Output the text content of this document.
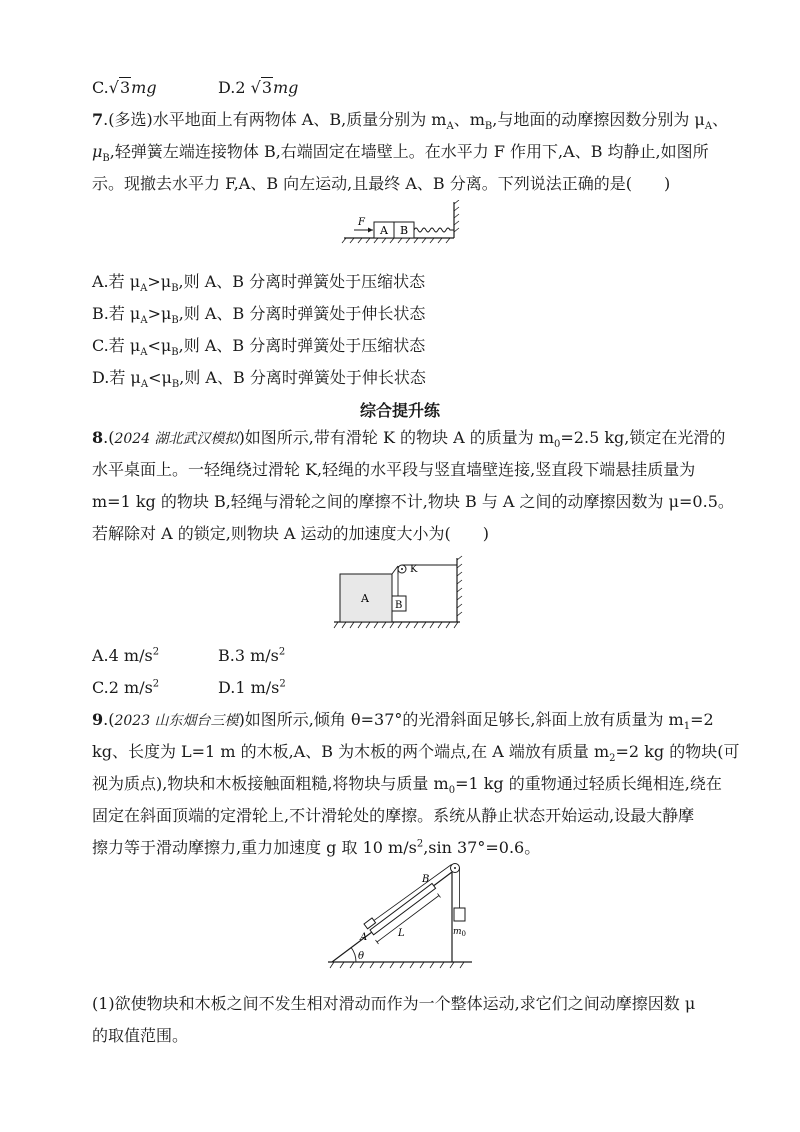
C.√3mg	D.2 √3mg
7.(多选)水平地面上有两物体 A、B,质量分别为 $m_A$、$m_B$,与地面的动摩擦因数分别为 $\mu_A$、
$\mu_B$,轻弹簧左端连接物体 B,右端固定在墙壁上。在水平力 F 作用下,A、B 均静止,如图所
示。现撤去水平力 F,A、B 向左运动,且最终 A、B 分离。下列说法正确的是(　　)
A B
F
A.若 $\mu_A>\mu_B$,则 A、B 分离时弹簧处于压缩状态
B.若 $\mu_A>\mu_B$,则 A、B 分离时弹簧处于伸长状态
C.若 $\mu_A<\mu_B$,则 A、B 分离时弹簧处于压缩状态
D.若 $\mu_A<\mu_B$,则 A、B 分离时弹簧处于伸长状态
综合提升练
8.(2024 湖北武汉模拟)如图所示,带有滑轮 K 的物块 A 的质量为 $m_0=2.5$ kg,锁定在光滑的
水平桌面上。一轻绳绕过滑轮 K,轻绳的水平段与竖直墙壁连接,竖直段下端悬挂质量为
m=1 kg 的物块 B,轻绳与滑轮之间的摩擦不计,物块 B 与 A 之间的动摩擦因数为 μ=0.5。
若解除对 A 的锁定,则物块 A 运动的加速度大小为(　　)
A
K
B
A.4 $m/s^2$	B.3 $m/s^2$
C.2 $m/s^2$	D.1 $m/s^2$
9.(2023 山东烟台三模)如图所示,倾角 θ=37°的光滑斜面足够长,斜面上放有质量为 $m_1=2$
kg、长度为 L=1 m 的木板,A、B 为木板的两个端点,在 A 端放有质量 $m_2=2$ kg 的物块(可
视为质点),物块和木板接触面粗糙,将物块与质量 $m_0=1$ kg 的重物通过轻质长绳相连,绕在
固定在斜面顶端的定滑轮上,不计滑轮处的摩擦。系统从静止状态开始运动,设最大静摩
擦力等于滑动摩擦力,重力加速度 g 取 10 $m/s^2,\sin$ 37°=0.6。
θ
A
B
L	$m_0$
(1)欲使物块和木板之间不发生相对滑动而作为一个整体运动,求它们之间动摩擦因数 μ
的取值范围。
